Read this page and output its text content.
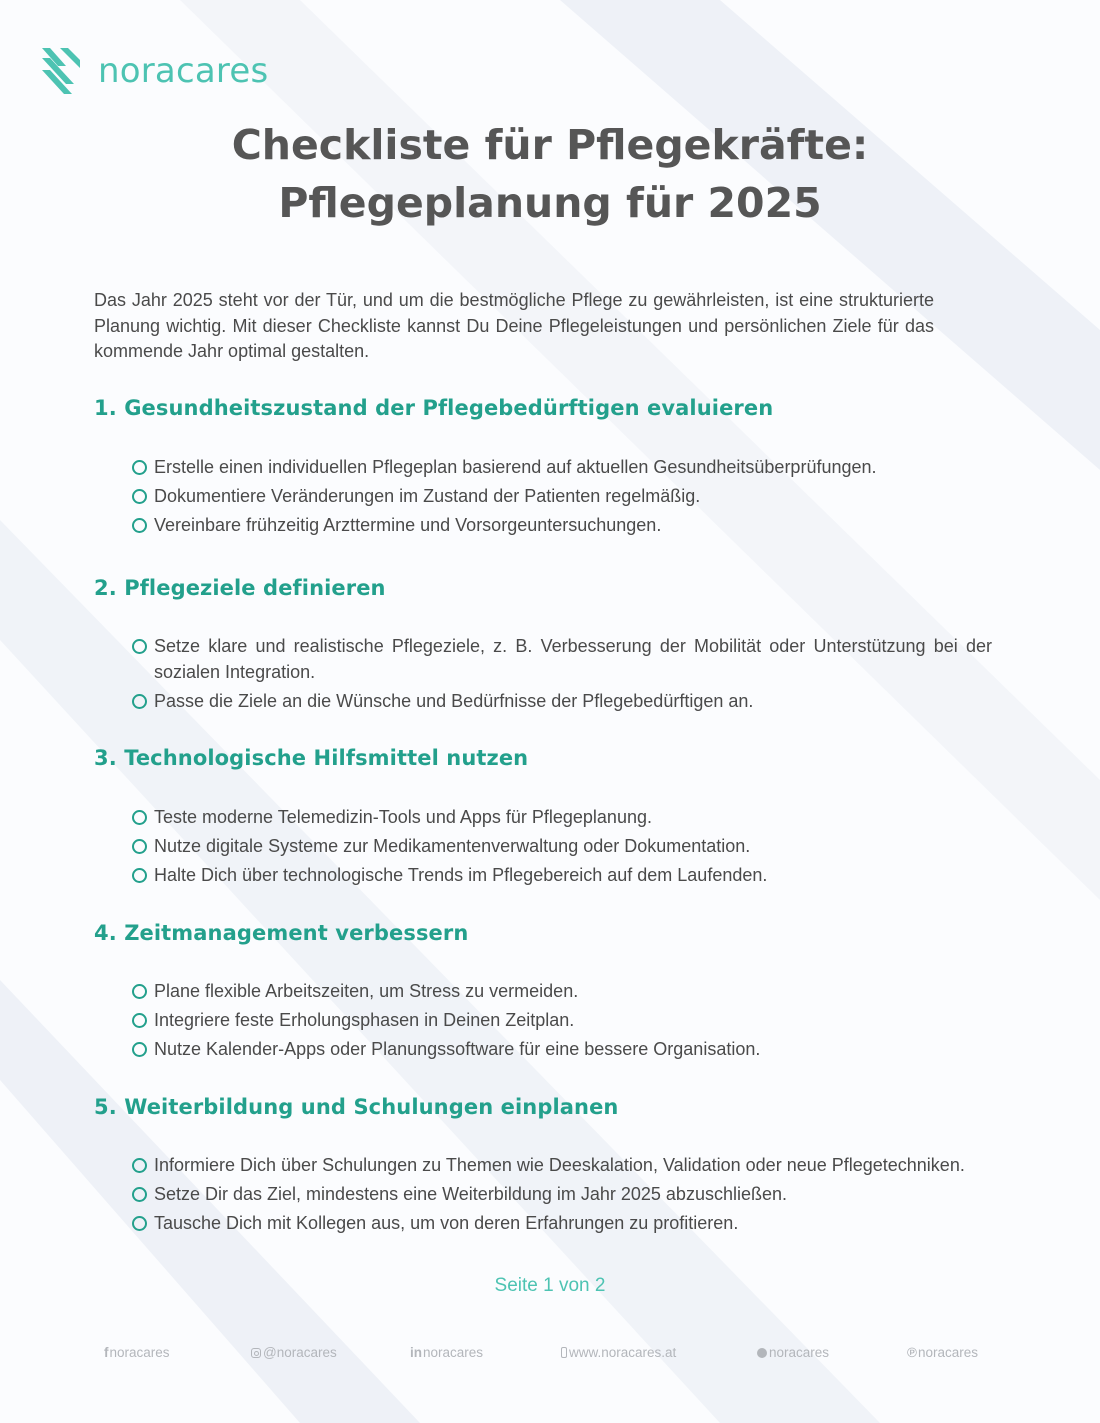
noracares
Checkliste für Pflegekräfte:
Pflegeplanung für 2025

Das Jahr 2025 steht vor der Tür, und um die bestmögliche Pflege zu gewährleisten, ist eine strukturierte Planung wichtig. Mit dieser Checkliste kannst Du Deine Pflegeleistungen und persönlichen Ziele für das kommende Jahr optimal gestalten.

1. Gesundheitszustand der Pflegebedürftigen evaluieren
Erstelle einen individuellen Pflegeplan basierend auf aktuellen Gesundheitsüberprüfungen.
Dokumentiere Veränderungen im Zustand der Patienten regelmäßig.
Vereinbare frühzeitig Arzttermine und Vorsorgeuntersuchungen.
2. Pflegeziele definieren
Setze klare und realistische Pflegeziele, z. B. Verbesserung der Mobilität oder Unterstützung bei der sozialen Integration.
Passe die Ziele an die Wünsche und Bedürfnisse der Pflegebedürftigen an.
3. Technologische Hilfsmittel nutzen
Teste moderne Telemedizin-Tools und Apps für Pflegeplanung.
Nutze digitale Systeme zur Medikamentenverwaltung oder Dokumentation.
Halte Dich über technologische Trends im Pflegebereich auf dem Laufenden.
4. Zeitmanagement verbessern
Plane flexible Arbeitszeiten, um Stress zu vermeiden.
Integriere feste Erholungsphasen in Deinen Zeitplan.
Nutze Kalender-Apps oder Planungssoftware für eine bessere Organisation.
5. Weiterbildung und Schulungen einplanen
Informiere Dich über Schulungen zu Themen wie Deeskalation, Validation oder neue Pflegetechniken.
Setze Dir das Ziel, mindestens eine Weiterbildung im Jahr 2025 abzuschließen.
Tausche Dich mit Kollegen aus, um von deren Erfahrungen zu profitieren.
Seite 1 von 2
f noracares	@noracares	in noracares	www.noracares.at	noracares	℗ noracares
